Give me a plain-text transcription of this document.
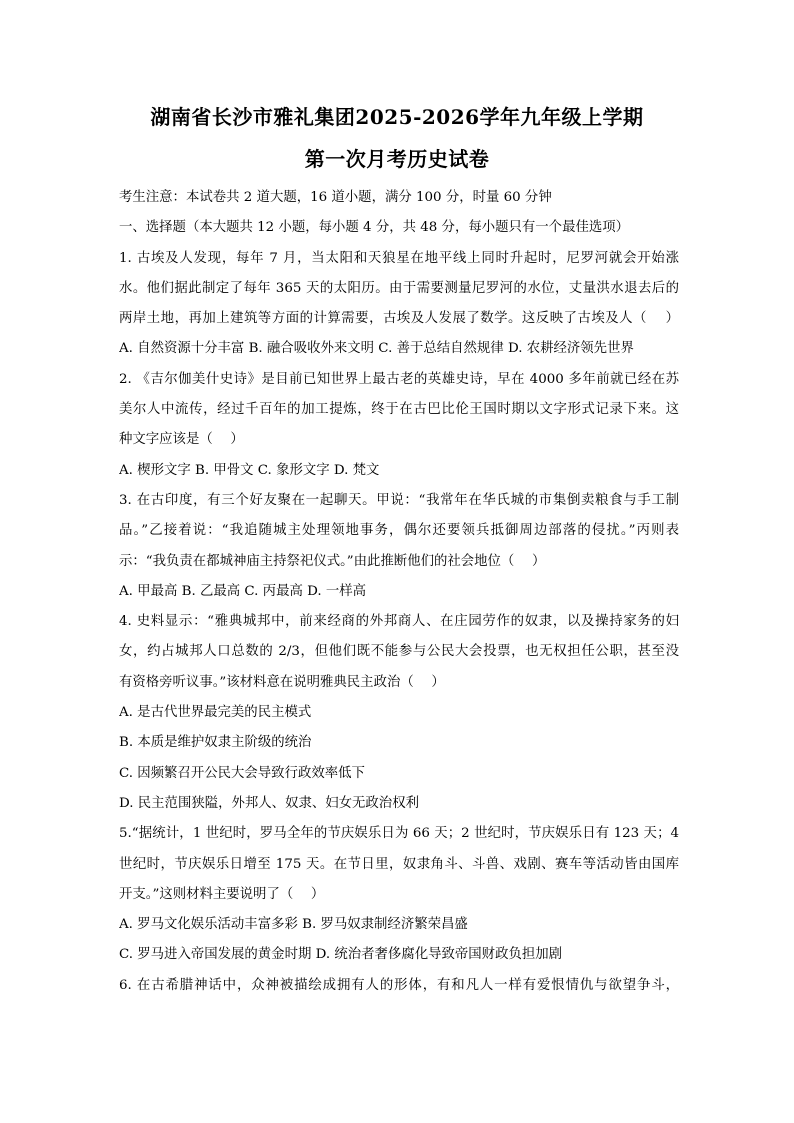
湖南省长沙市雅礼集团2025-2026学年九年级上学期
第一次月考历史试卷
考生注意：本试卷共 2 道大题，16 道小题，满分 100 分，时量 60 分钟
一、选择题（本大题共 12 小题，每小题 4 分，共 48 分，每小题只有一个最佳选项）
1. 古埃及人发现，每年 7 月，当太阳和天狼星在地平线上同时升起时，尼罗河就会开始涨
水。他们据此制定了每年 365 天的太阳历。由于需要测量尼罗河的水位，丈量洪水退去后的
两岸土地，再加上建筑等方面的计算需要，古埃及人发展了数学。这反映了古埃及人（　 ）
A. 自然资源十分丰富 B. 融合吸收外来文明 C. 善于总结自然规律 D. 农耕经济领先世界
2. 《吉尔伽美什史诗》是目前已知世界上最古老的英雄史诗，早在 4000 多年前就已经在苏
美尔人中流传，经过千百年的加工提炼，终于在古巴比伦王国时期以文字形式记录下来。这
种文字应该是（　 ）
A. 楔形文字 B. 甲骨文 C. 象形文字 D. 梵文
3. 在古印度，有三个好友聚在一起聊天。甲说：“我常年在华氏城的市集倒卖粮食与手工制
品。”乙接着说：“我追随城主处理领地事务，偶尔还要领兵抵御周边部落的侵扰。”丙则表
示：“我负责在都城神庙主持祭祀仪式。”由此推断他们的社会地位（　 ）
A. 甲最高 B. 乙最高 C. 丙最高 D. 一样高
4. 史料显示：“雅典城邦中，前来经商的外邦商人、在庄园劳作的奴隶，以及操持家务的妇
女，约占城邦人口总数的 2/3，但他们既不能参与公民大会投票，也无权担任公职，甚至没
有资格旁听议事。”该材料意在说明雅典民主政治（　 ）
A. 是古代世界最完美的民主模式
B. 本质是维护奴隶主阶级的统治
C. 因频繁召开公民大会导致行政效率低下
D. 民主范围狭隘，外邦人、奴隶、妇女无政治权利
5.“据统计，1 世纪时，罗马全年的节庆娱乐日为 66 天；2 世纪时，节庆娱乐日有 123 天；4
世纪时，节庆娱乐日增至 175 天。在节日里，奴隶角斗、斗兽、戏剧、赛车等活动皆由国库
开支。”这则材料主要说明了（　 ）
A. 罗马文化娱乐活动丰富多彩 B. 罗马奴隶制经济繁荣昌盛
C. 罗马进入帝国发展的黄金时期 D. 统治者奢侈腐化导致帝国财政负担加剧
6. 在古希腊神话中，众神被描绘成拥有人的形体，有和凡人一样有爱恨情仇与欲望争斗，
